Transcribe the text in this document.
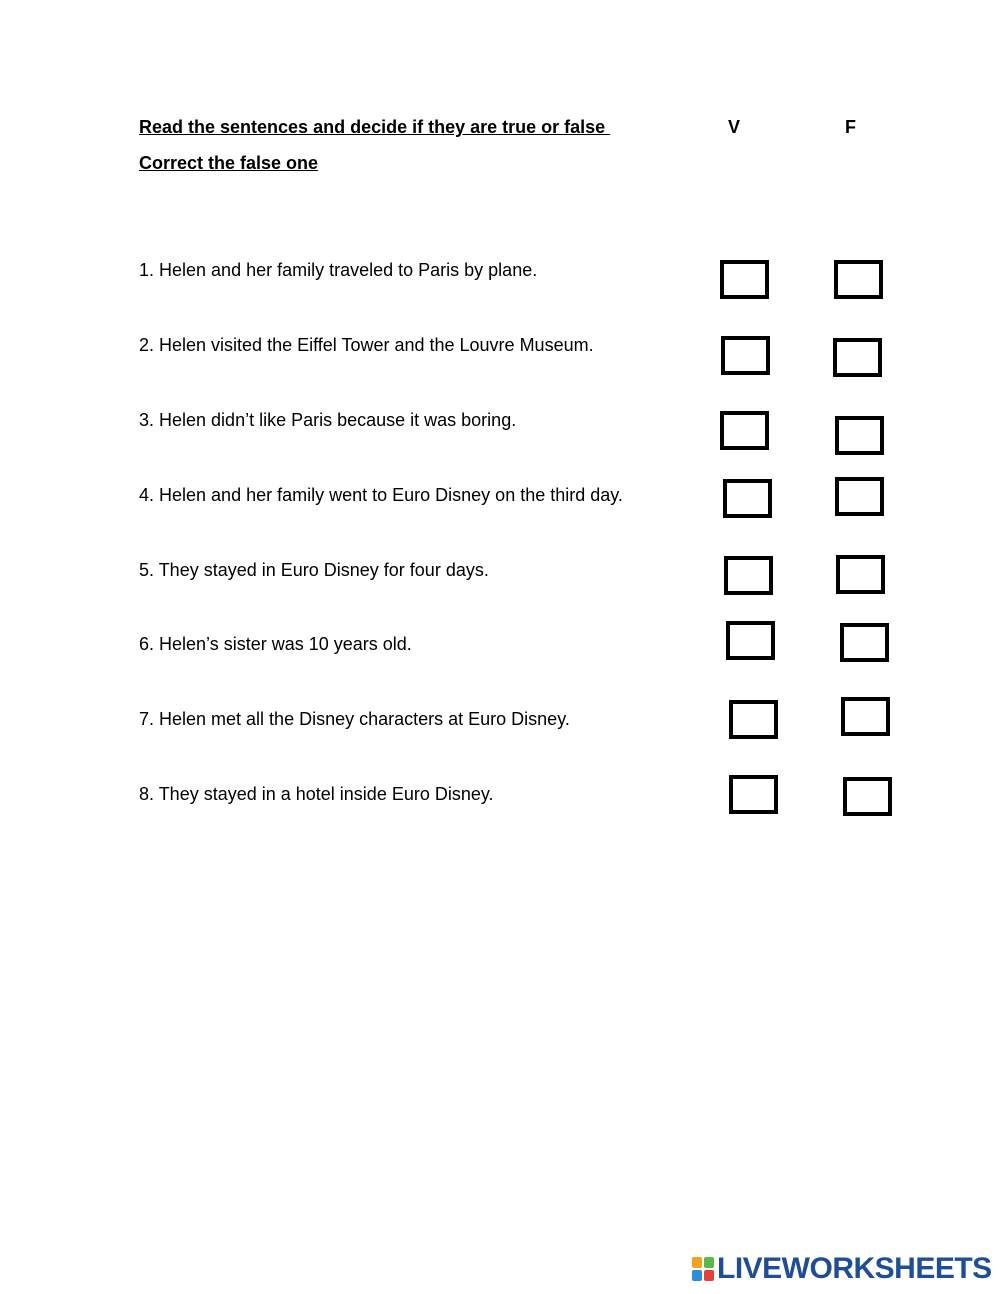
Read the sentences and decide if they are true or false
Correct the false one
V	F
1. Helen and her family traveled to Paris by plane.
2. Helen visited the Eiffel Tower and the Louvre Museum.
3. Helen didn’t like Paris because it was boring.
4. Helen and her family went to Euro Disney on the third day.
5. They stayed in Euro Disney for four days.
6. Helen’s sister was 10 years old.
7. Helen met all the Disney characters at Euro Disney.
8. They stayed in a hotel inside Euro Disney.
LIVEWORKSHEETS
